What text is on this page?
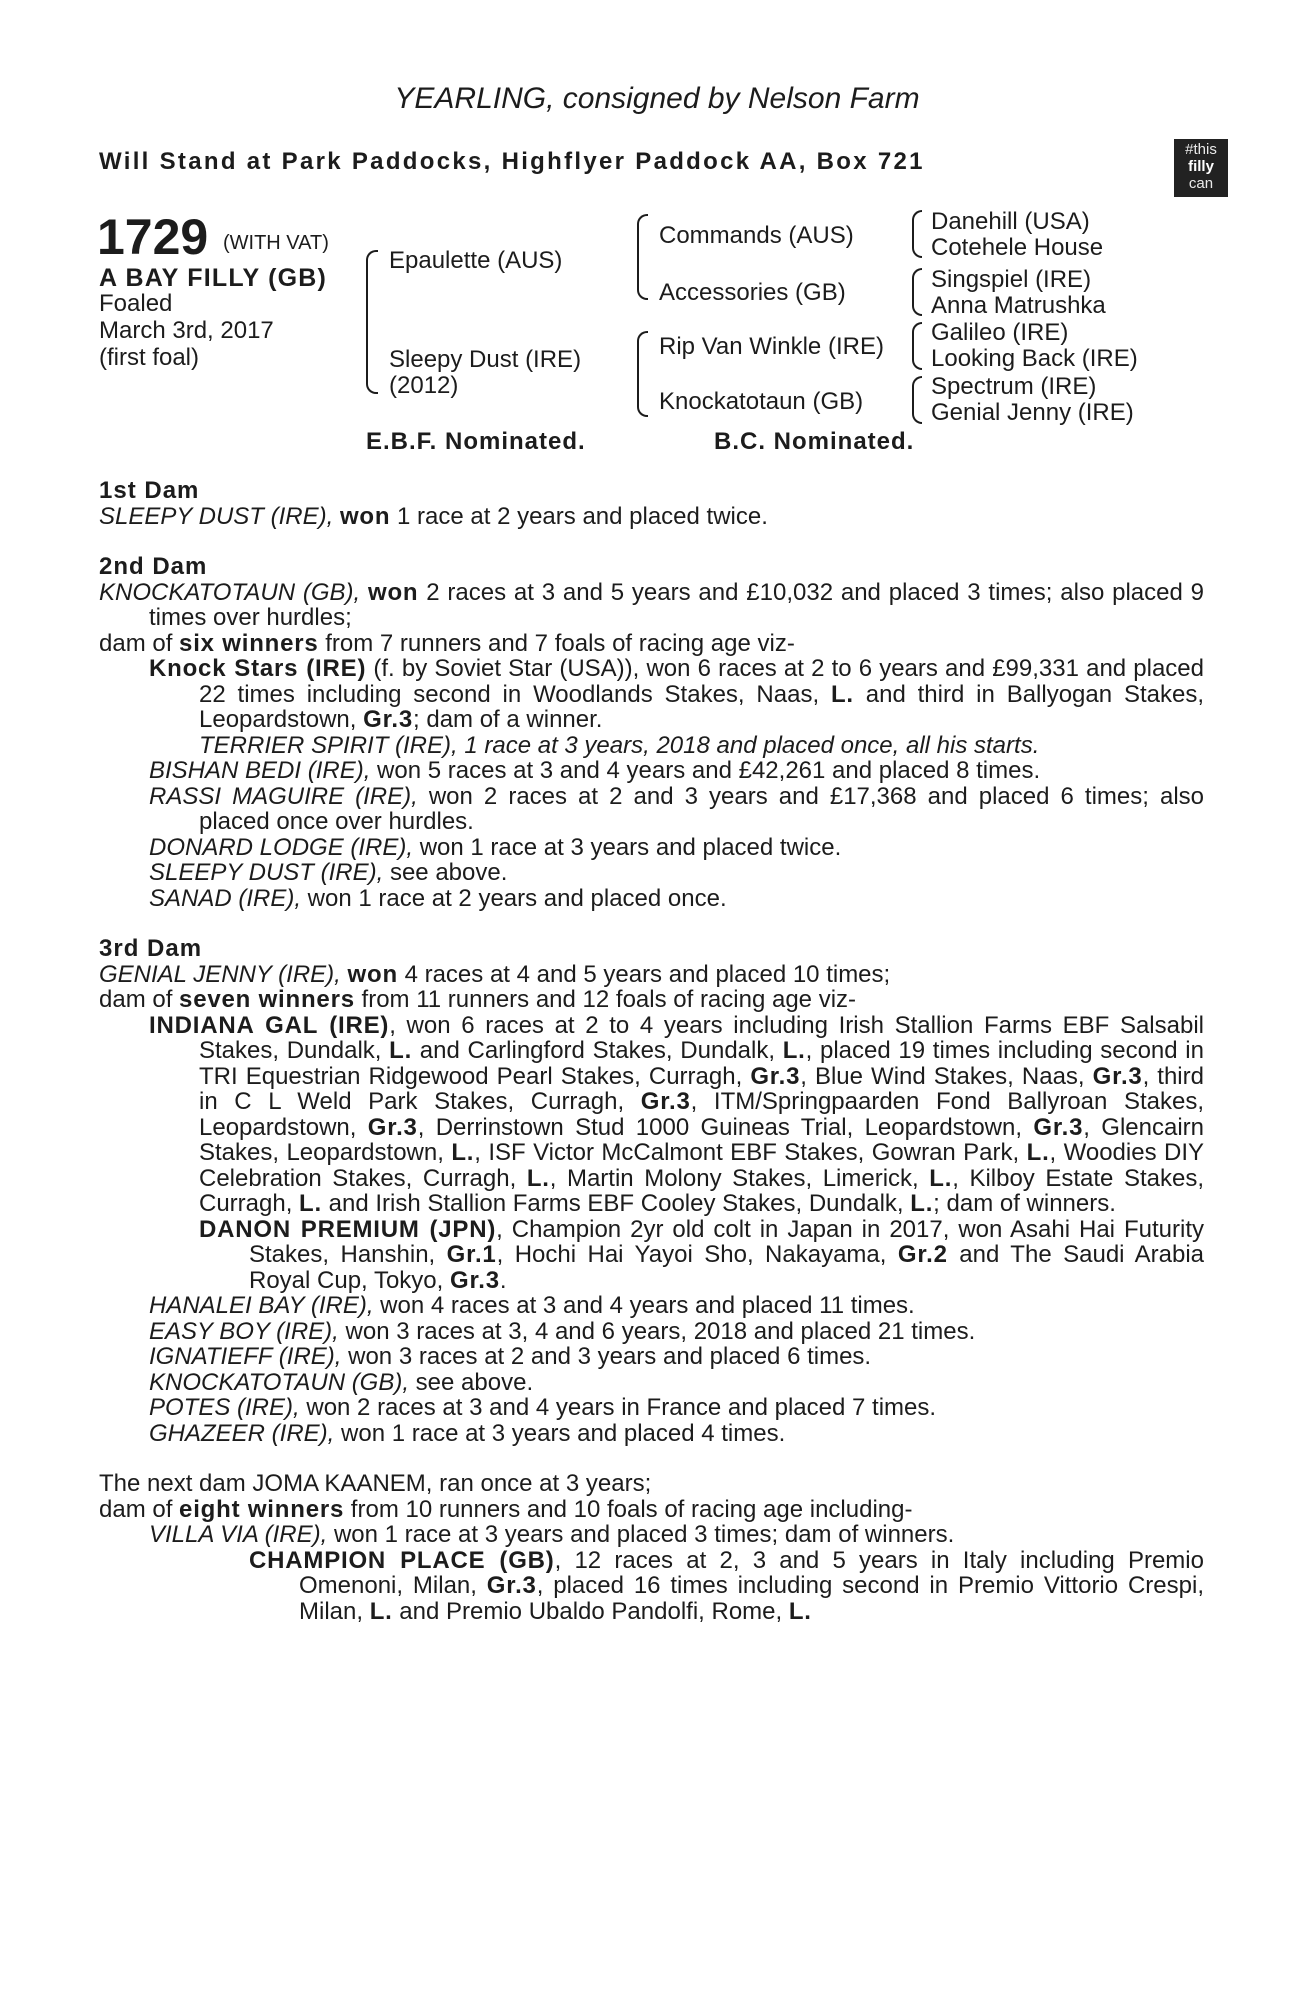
YEARLING, consigned by Nelson Farm
Will Stand at Park Paddocks, Highflyer Paddock AA, Box 721	#this
filly
can
1729 (WITH VAT)
A BAY FILLY (GB)
Foaled
March 3rd, 2017
(first foal)
Epaulette (AUS)
Sleepy Dust (IRE)
(2012)
Commands (AUS)
Accessories (GB)
Rip Van Winkle (IRE)
Knockatotaun (GB)
Danehill (USA)
Cotehele House
Singspiel (IRE)
Anna Matrushka
Galileo (IRE)
Looking Back (IRE)
Spectrum (IRE)
Genial Jenny (IRE)
E.B.F. Nominated.	B.C. Nominated.

1st Dam

SLEEPY DUST (IRE), won 1 race at 2 years and placed twice.

2nd Dam

KNOCKATOTAUN (GB), won 2 races at 3 and 5 years and £10,032 and placed 3 times; also placed 9 times over hurdles;

dam of six winners from 7 runners and 7 foals of racing age viz-

Knock Stars (IRE) (f. by Soviet Star (USA)), won 6 races at 2 to 6 years and £99,331 and placed 22 times including second in Woodlands Stakes, Naas, L. and third in Ballyogan Stakes, Leopardstown, Gr.3; dam of a winner.

TERRIER SPIRIT (IRE), 1 race at 3 years, 2018 and placed once, all his starts.

BISHAN BEDI (IRE), won 5 races at 3 and 4 years and £42,261 and placed 8 times.

RASSI MAGUIRE (IRE), won 2 races at 2 and 3 years and £17,368 and placed 6 times; also placed once over hurdles.

DONARD LODGE (IRE), won 1 race at 3 years and placed twice.

SLEEPY DUST (IRE), see above.

SANAD (IRE), won 1 race at 2 years and placed once.

3rd Dam

GENIAL JENNY (IRE), won 4 races at 4 and 5 years and placed 10 times;

dam of seven winners from 11 runners and 12 foals of racing age viz-

INDIANA GAL (IRE), won 6 races at 2 to 4 years including Irish Stallion Farms EBF Salsabil Stakes, Dundalk, L. and Carlingford Stakes, Dundalk, L., placed 19 times including second in TRI Equestrian Ridgewood Pearl Stakes, Curragh, Gr.3, Blue Wind Stakes, Naas, Gr.3, third in C L Weld Park Stakes, Curragh, Gr.3, ITM/Springpaarden Fond Ballyroan Stakes, Leopardstown, Gr.3, Derrinstown Stud 1000 Guineas Trial, Leopardstown, Gr.3, Glencairn Stakes, Leopardstown, L., ISF Victor McCalmont EBF Stakes, Gowran Park, L., Woodies DIY Celebration Stakes, Curragh, L., Martin Molony Stakes, Limerick, L., Kilboy Estate Stakes, Curragh, L. and Irish Stallion Farms EBF Cooley Stakes, Dundalk, L.; dam of winners.

DANON PREMIUM (JPN), Champion 2yr old colt in Japan in 2017, won Asahi Hai Futurity Stakes, Hanshin, Gr.1, Hochi Hai Yayoi Sho, Nakayama, Gr.2 and The Saudi Arabia Royal Cup, Tokyo, Gr.3.

HANALEI BAY (IRE), won 4 races at 3 and 4 years and placed 11 times.

EASY BOY (IRE), won 3 races at 3, 4 and 6 years, 2018 and placed 21 times.

IGNATIEFF (IRE), won 3 races at 2 and 3 years and placed 6 times.

KNOCKATOTAUN (GB), see above.

POTES (IRE), won 2 races at 3 and 4 years in France and placed 7 times.

GHAZEER (IRE), won 1 race at 3 years and placed 4 times.

The next dam JOMA KAANEM, ran once at 3 years;

dam of eight winners from 10 runners and 10 foals of racing age including-

VILLA VIA (IRE), won 1 race at 3 years and placed 3 times; dam of winners.

CHAMPION PLACE (GB), 12 races at 2, 3 and 5 years in Italy including Premio Omenoni, Milan, Gr.3, placed 16 times including second in Premio Vittorio Crespi, Milan, L. and Premio Ubaldo Pandolfi, Rome, L.
